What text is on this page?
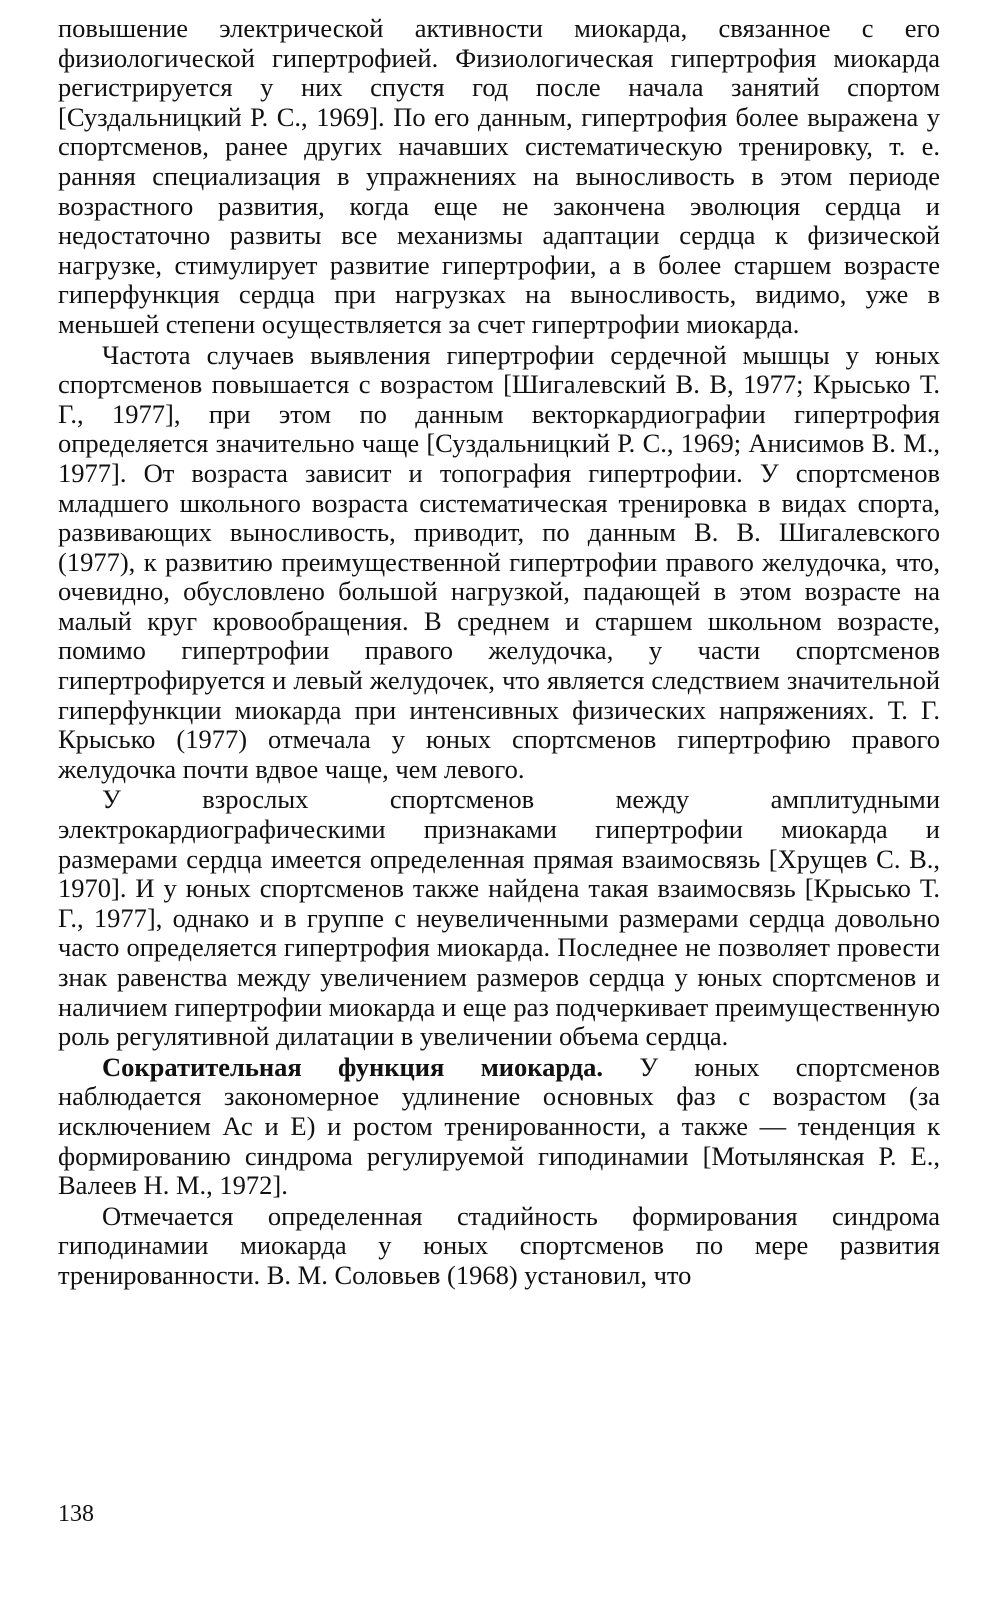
повышение электрической активности миокарда, связанное с его физиологической гипертрофией. Физиологическая гипертрофия миокарда регистрируется у них спустя год после начала занятий спортом [Суздальницкий Р. С., 1969]. По его данным, гипертрофия более выражена у спортсменов, ранее других начавших систематическую тренировку, т. е. ранняя специализация в упражнениях на выносливость в этом периоде возрастного развития, когда еще не закончена эволюция сердца и недостаточно развиты все механизмы адаптации сердца к физической нагрузке, стимулирует развитие гипертрофии, а в более старшем возрасте гиперфункция сердца при нагрузках на выносливость, видимо, уже в меньшей степени осуществляется за счет гипертрофии миокарда.

Частота случаев выявления гипертрофии сердечной мышцы у юных спортсменов повышается с возрастом [Шигалевский В. В, 1977; Крысько Т. Г., 1977], при этом по данным векторкардиографии гипертрофия определяется значительно чаще [Суздальницкий Р. С., 1969; Анисимов В. М., 1977]. От возраста зависит и топография гипертрофии. У спортсменов младшего школьного возраста систематическая тренировка в видах спорта, развивающих выносливость, приводит, по данным В. В. Шигалевского (1977), к развитию преимущественной гипертрофии правого желудочка, что, очевидно, обусловлено большой нагрузкой, падающей в этом возрасте на малый круг кровообращения. В среднем и старшем школьном возрасте, помимо гипертрофии правого желудочка, у части спортсменов гипертрофируется и левый желудочек, что является следствием значительной гиперфункции миокарда при интенсивных физических напряжениях. Т. Г. Крысько (1977) отмечала у юных спортсменов гипертрофию правого желудочка почти вдвое чаще, чем левого.

У взрослых спортсменов между амплитудными электрокардиографическими признаками гипертрофии миокарда и размерами сердца имеется определенная прямая взаимосвязь [Хрущев С. В., 1970]. И у юных спортсменов также найдена такая взаимосвязь [Крысько Т. Г., 1977], однако и в группе с неувеличенными размерами сердца довольно часто определяется гипертрофия миокарда. Последнее не позволяет провести знак равенства между увеличением размеров сердца у юных спортсменов и наличием гипертрофии миокарда и еще раз подчеркивает преимущественную роль регулятивной дилатации в увеличении объема сердца.

Сократительная функция миокарда. У юных спортсменов наблюдается закономерное удлинение основных фаз с возрастом (за исключением Ас и Е) и ростом тренированности, а также — тенденция к формированию синдрома регулируемой гиподинамии [Мотылянская Р. Е., Валеев Н. М., 1972].

Отмечается определенная стадийность формирования синдрома гиподинамии миокарда у юных спортсменов по мере развития тренированности. В. М. Соловьев (1968) установил, что

138
